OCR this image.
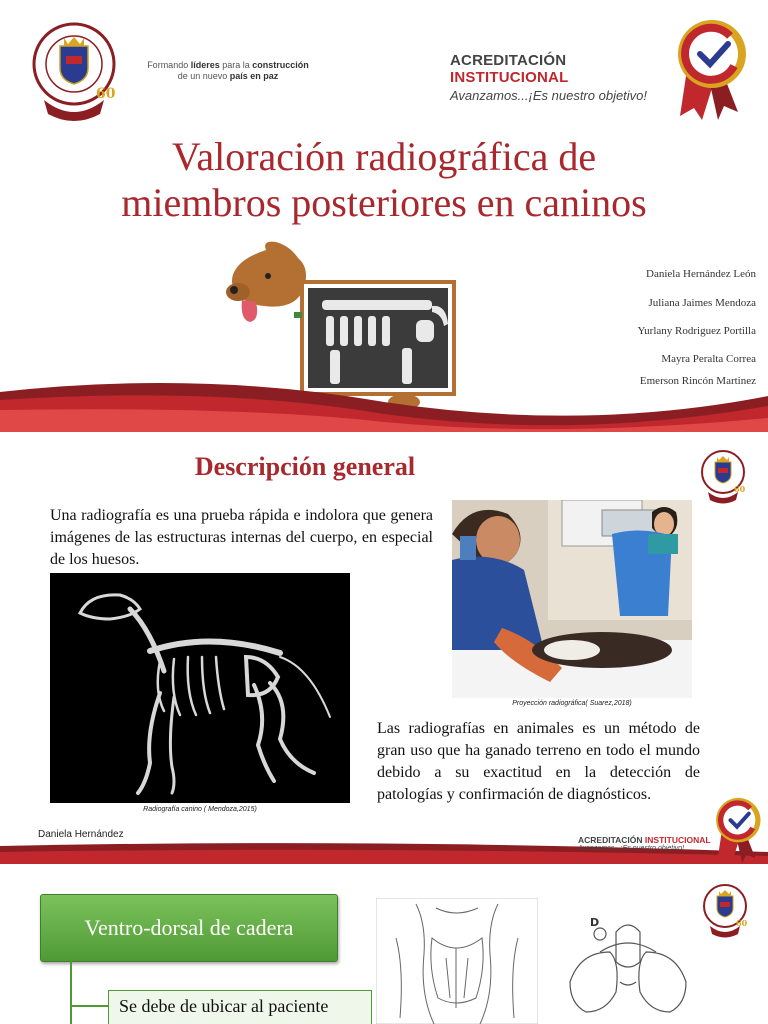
60
Formando líderes para la construcción
de un nuevo país en paz
ACREDITACIÓN INSTITUCIONAL
Avanzamos...¡Es nuestro objetivo!
Valoración radiográfica de miembros posteriores en caninos
Daniela Hernández León
Juliana Jaimes Mendoza
Yurlany Rodriguez Portilla
Mayra Peralta Correa
Emerson Rincón Martinez
Descripción general
60
Una radiografía es una prueba rápida e indolora que genera imágenes de las estructuras internas del cuerpo, en especial de los huesos.
Radiografía canino ( Mendoza,2015)
Proyección radiográfica( Suarez,2018)
Las radiografías en animales es un método de gran uso que ha ganado terreno en todo el mundo debido a su exactitud en la detección de patologías y confirmación de diagnósticos.
Daniela Hernández	ACREDITACIÓN INSTITUCIONAL
Avanzamos...¡Es nuestro objetivo!
Ventro-dorsal de cadera
Se debe de ubicar al paciente
D	60
